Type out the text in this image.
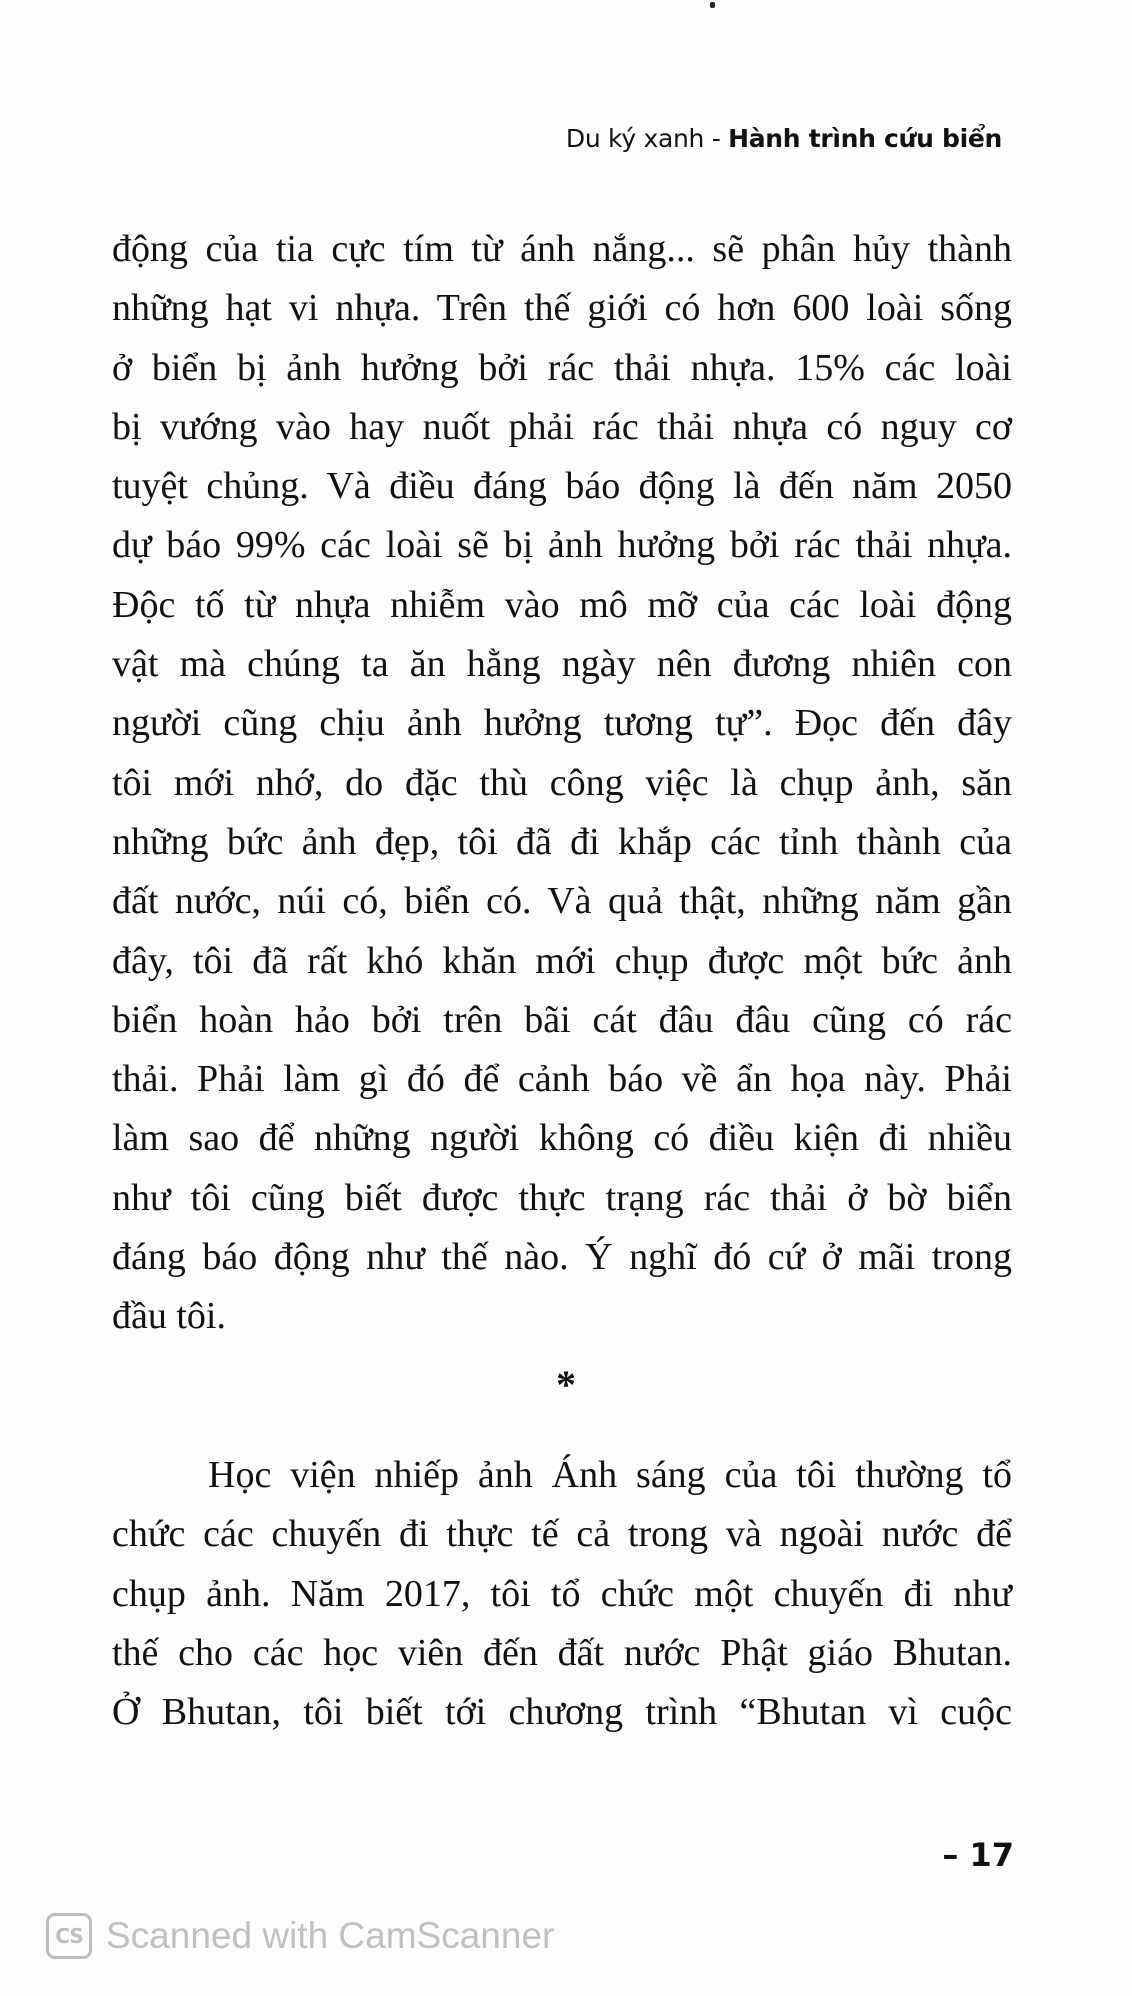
Du ký xanh - Hành trình cứu biển
động của tia cực tím từ ánh nắng... sẽ phân hủy thành
những hạt vi nhựa. Trên thế giới có hơn 600 loài sống
ở biển bị ảnh hưởng bởi rác thải nhựa. 15% các loài
bị vướng vào hay nuốt phải rác thải nhựa có nguy cơ
tuyệt chủng. Và điều đáng báo động là đến năm 2050
dự báo 99% các loài sẽ bị ảnh hưởng bởi rác thải nhựa.
Độc tố từ nhựa nhiễm vào mô mỡ của các loài động
vật mà chúng ta ăn hằng ngày nên đương nhiên con
người cũng chịu ảnh hưởng tương tự”. Đọc đến đây
tôi mới nhớ, do đặc thù công việc là chụp ảnh, săn
những bức ảnh đẹp, tôi đã đi khắp các tỉnh thành của
đất nước, núi có, biển có. Và quả thật, những năm gần
đây, tôi đã rất khó khăn mới chụp được một bức ảnh
biển hoàn hảo bởi trên bãi cát đâu đâu cũng có rác
thải. Phải làm gì đó để cảnh báo về ẩn họa này. Phải
làm sao để những người không có điều kiện đi nhiều
như tôi cũng biết được thực trạng rác thải ở bờ biển
đáng báo động như thế nào. Ý nghĩ đó cứ ở mãi trong
đầu tôi.
*
Học viện nhiếp ảnh Ánh sáng của tôi thường tổ
chức các chuyến đi thực tế cả trong và ngoài nước để
chụp ảnh. Năm 2017, tôi tổ chức một chuyến đi như
thế cho các học viên đến đất nước Phật giáo Bhutan.
Ở Bhutan, tôi biết tới chương trình “Bhutan vì cuộc
– 17
CS Scanned with CamScanner
